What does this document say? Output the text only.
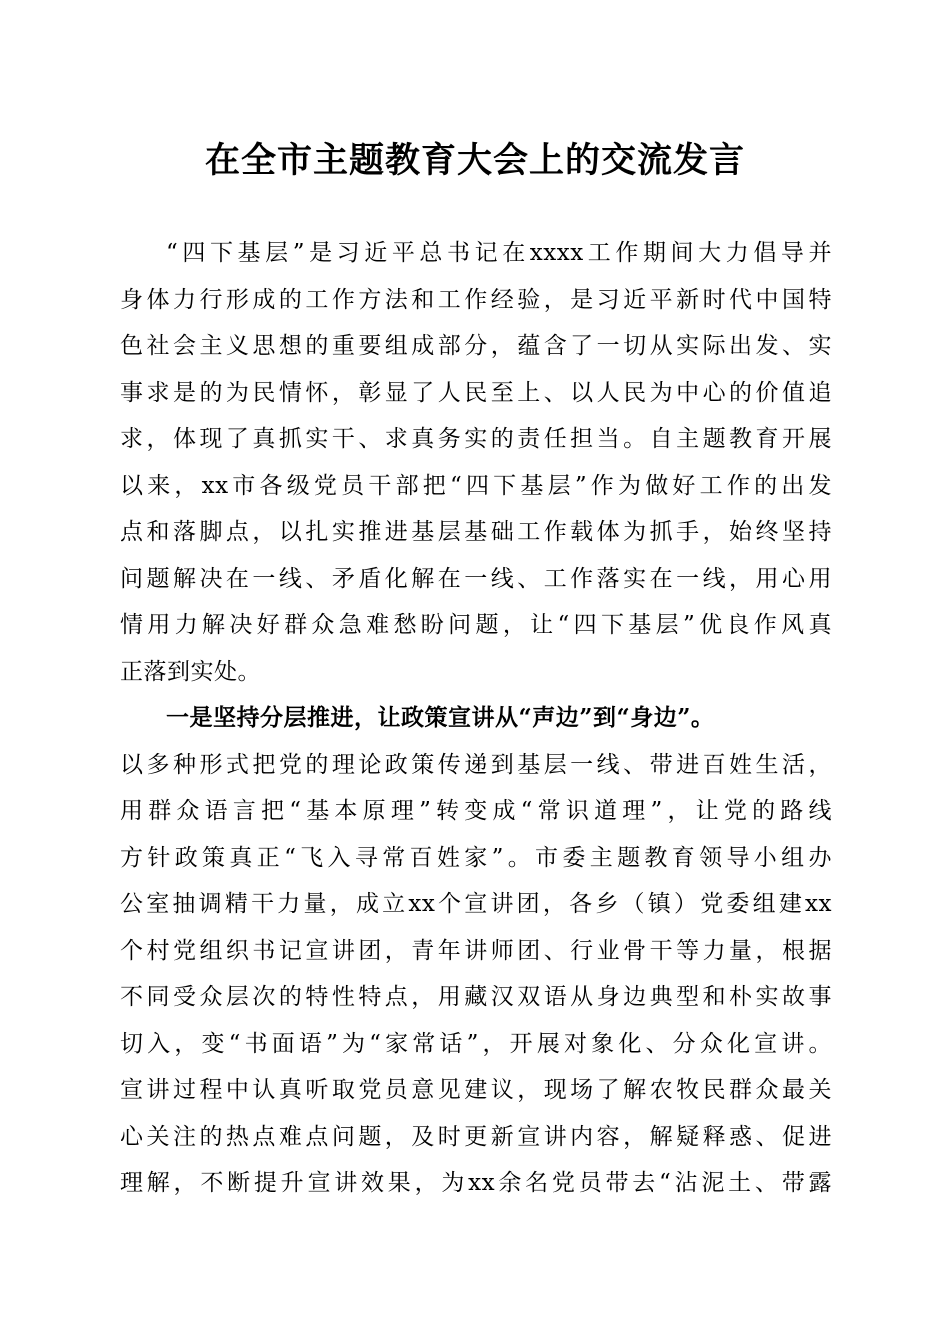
在全市主题教育大会上的交流发言
“四下基层”是习近平总书记在xxxx工作期间大力倡导并
身体力行形成的工作方法和工作经验，是习近平新时代中国特
色社会主义思想的重要组成部分，蕴含了一切从实际出发、实
事求是的为民情怀，彰显了人民至上、以人民为中心的价值追
求，体现了真抓实干、求真务实的责任担当。自主题教育开展
以来，xx市各级党员干部把“四下基层”作为做好工作的出发
点和落脚点，以扎实推进基层基础工作载体为抓手，始终坚持
问题解决在一线、矛盾化解在一线、工作落实在一线，用心用
情用力解决好群众急难愁盼问题，让“四下基层”优良作风真
正落到实处。
一是坚持分层推进，让政策宣讲从“声边”到“身边”。
以多种形式把党的理论政策传递到基层一线、带进百姓生活，
用群众语言把“基本原理”转变成“常识道理”，让党的路线
方针政策真正“飞入寻常百姓家”。市委主题教育领导小组办
公室抽调精干力量，成立xx个宣讲团，各乡（镇）党委组建xx
个村党组织书记宣讲团，青年讲师团、行业骨干等力量，根据
不同受众层次的特性特点，用藏汉双语从身边典型和朴实故事
切入，变“书面语”为“家常话”，开展对象化、分众化宣讲。
宣讲过程中认真听取党员意见建议，现场了解农牧民群众最关
心关注的热点难点问题，及时更新宣讲内容，解疑释惑、促进
理解，不断提升宣讲效果，为xx余名党员带去“沾泥土、带露
